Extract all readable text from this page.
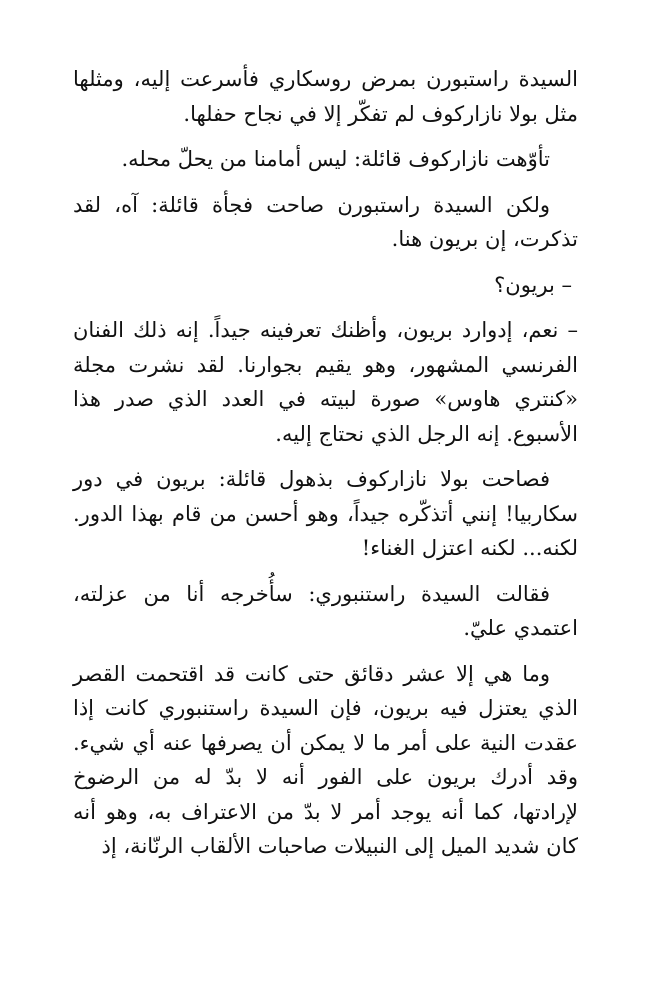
السيدة راستبورن بمرض روسكاري فأسرعت إليه، ومثلها مثل بولا نازاركوف لم تفكّر إلا في نجاح حفلها.

تأوّهت نازاركوف قائلة: ليس أمامنا من يحلّ محله.

ولكن السيدة راستبورن صاحت فجأة قائلة: آه، لقد تذكرت، إن بريون هنا.

– بريون؟

– نعم، إدوارد بريون، وأظنك تعرفينه جيداً. إنه ذلك الفنان الفرنسي المشهور، وهو يقيم بجوارنا. لقد نشرت مجلة «كنتري هاوس» صورة لبيته في العدد الذي صدر هذا الأسبوع. إنه الرجل الذي نحتاج إليه.

فصاحت بولا نازاركوف بذهول قائلة: بريون في دور سكاربيا! إنني أتذكّره جيداً، وهو أحسن من قام بهذا الدور. لكنه... لكنه اعتزل الغناء!

فقالت السيدة راستنبوري: سأُخرجه أنا من عزلته، اعتمدي عليّ.

وما هي إلا عشر دقائق حتى كانت قد اقتحمت القصر الذي يعتزل فيه بريون، فإن السيدة راستنبوري كانت إذا عقدت النية على أمر ما لا يمكن أن يصرفها عنه أي شيء. وقد أدرك بريون على الفور أنه لا بدّ له من الرضوخ لإرادتها، كما أنه يوجد أمر لا بدّ من الاعتراف به، وهو أنه كان شديد الميل إلى النبيلات صاحبات الألقاب الرنّانة، إذ
